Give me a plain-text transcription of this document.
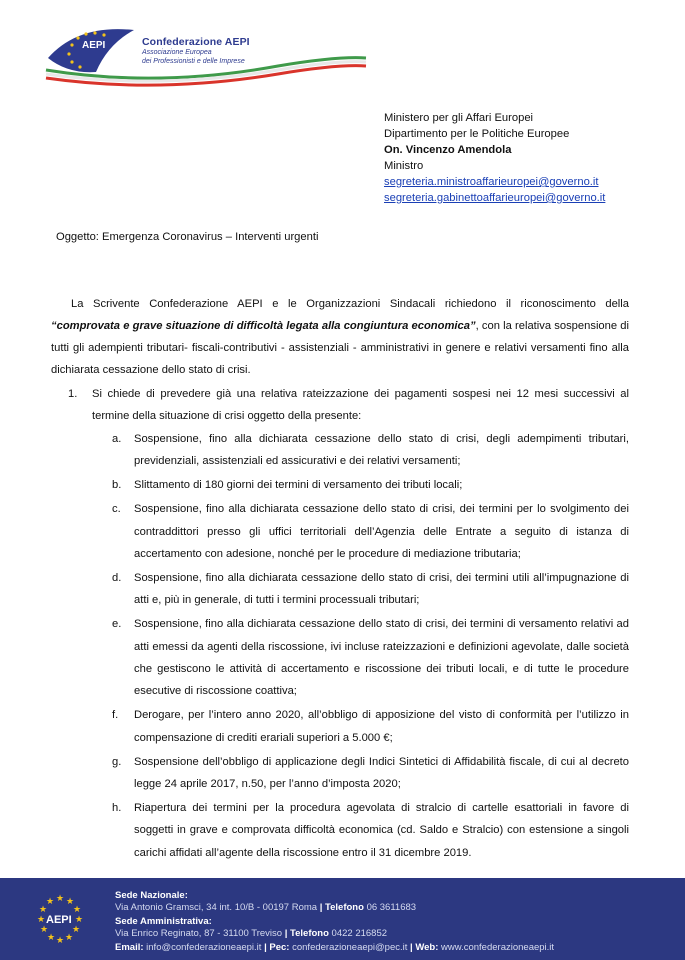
AEPI	Confederazione AEPI
Associazione Europea
dei Professionisti e delle Imprese
Ministero per gli Affari Europei
Dipartimento per le Politiche Europee
On. Vincenzo Amendola
Ministro
segreteria.ministroaffarieuropei@governo.it
segreteria.gabinettoaffarieuropei@governo.it
Oggetto: Emergenza Coronavirus – Interventi urgenti

La Scrivente Confederazione AEPI e le Organizzazioni Sindacali richiedono il riconoscimento della “comprovata e grave situazione di difficoltà legata alla congiuntura economica”, con la relativa sospensione di tutti gli adempienti tributari- fiscali-contributivi - assistenziali - amministrativi in genere e relativi versamenti fino alla dichiarata cessazione dello stato di crisi.

1. Si chiede di prevedere già una relativa rateizzazione dei pagamenti sospesi nei 12 mesi successivi al termine della situazione di crisi oggetto della presente:
a. Sospensione, fino alla dichiarata cessazione dello stato di crisi, degli adempimenti tributari, previdenziali, assistenziali ed assicurativi e dei relativi versamenti;
b. Slittamento di 180 giorni dei termini di versamento dei tributi locali;
c. Sospensione, fino alla dichiarata cessazione dello stato di crisi, dei termini per lo svolgimento dei contraddittori presso gli uffici territoriali dell’Agenzia delle Entrate a seguito di istanza di accertamento con adesione, nonché per le procedure di mediazione tributaria;
d. Sospensione, fino alla dichiarata cessazione dello stato di crisi, dei termini utili all’impugnazione di atti e, più in generale, di tutti i termini processuali tributari;
e. Sospensione, fino alla dichiarata cessazione dello stato di crisi, dei termini di versamento relativi ad atti emessi da agenti della riscossione, ivi incluse rateizzazioni e definizioni agevolate, dalle società che gestiscono le attività di accertamento e riscossione dei tributi locali, e di tutte le procedure esecutive di riscossione coattiva;
f. Derogare, per l’intero anno 2020, all’obbligo di apposizione del visto di conformità per l’utilizzo in compensazione di crediti erariali superiori a 5.000 €;
g. Sospensione dell’obbligo di applicazione degli Indici Sintetici di Affidabilità fiscale, di cui al decreto legge 24 aprile 2017, n.50, per l’anno d’imposta 2020;
h. Riapertura dei termini per la procedura agevolata di stralcio di cartelle esattoriali in favore di soggetti in grave e comprovata difficoltà economica (cd. Saldo e Stralcio) con estensione a singoli carichi affidati all’agente della riscossione entro il 31 dicembre 2019.
★ ★
★
★
★
★
★
★
★
★
★
★
AEPI
Sede Nazionale:
Via Antonio Gramsci, 34 int. 10/B - 00197 Roma | Telefono 06 3611683
Sede Amministrativa:
Via Enrico Reginato, 87 - 31100 Treviso | Telefono 0422 216852
Email: info@confederazioneaepi.it | Pec: confederazioneaepi@pec.it | Web: www.confederazioneaepi.it
